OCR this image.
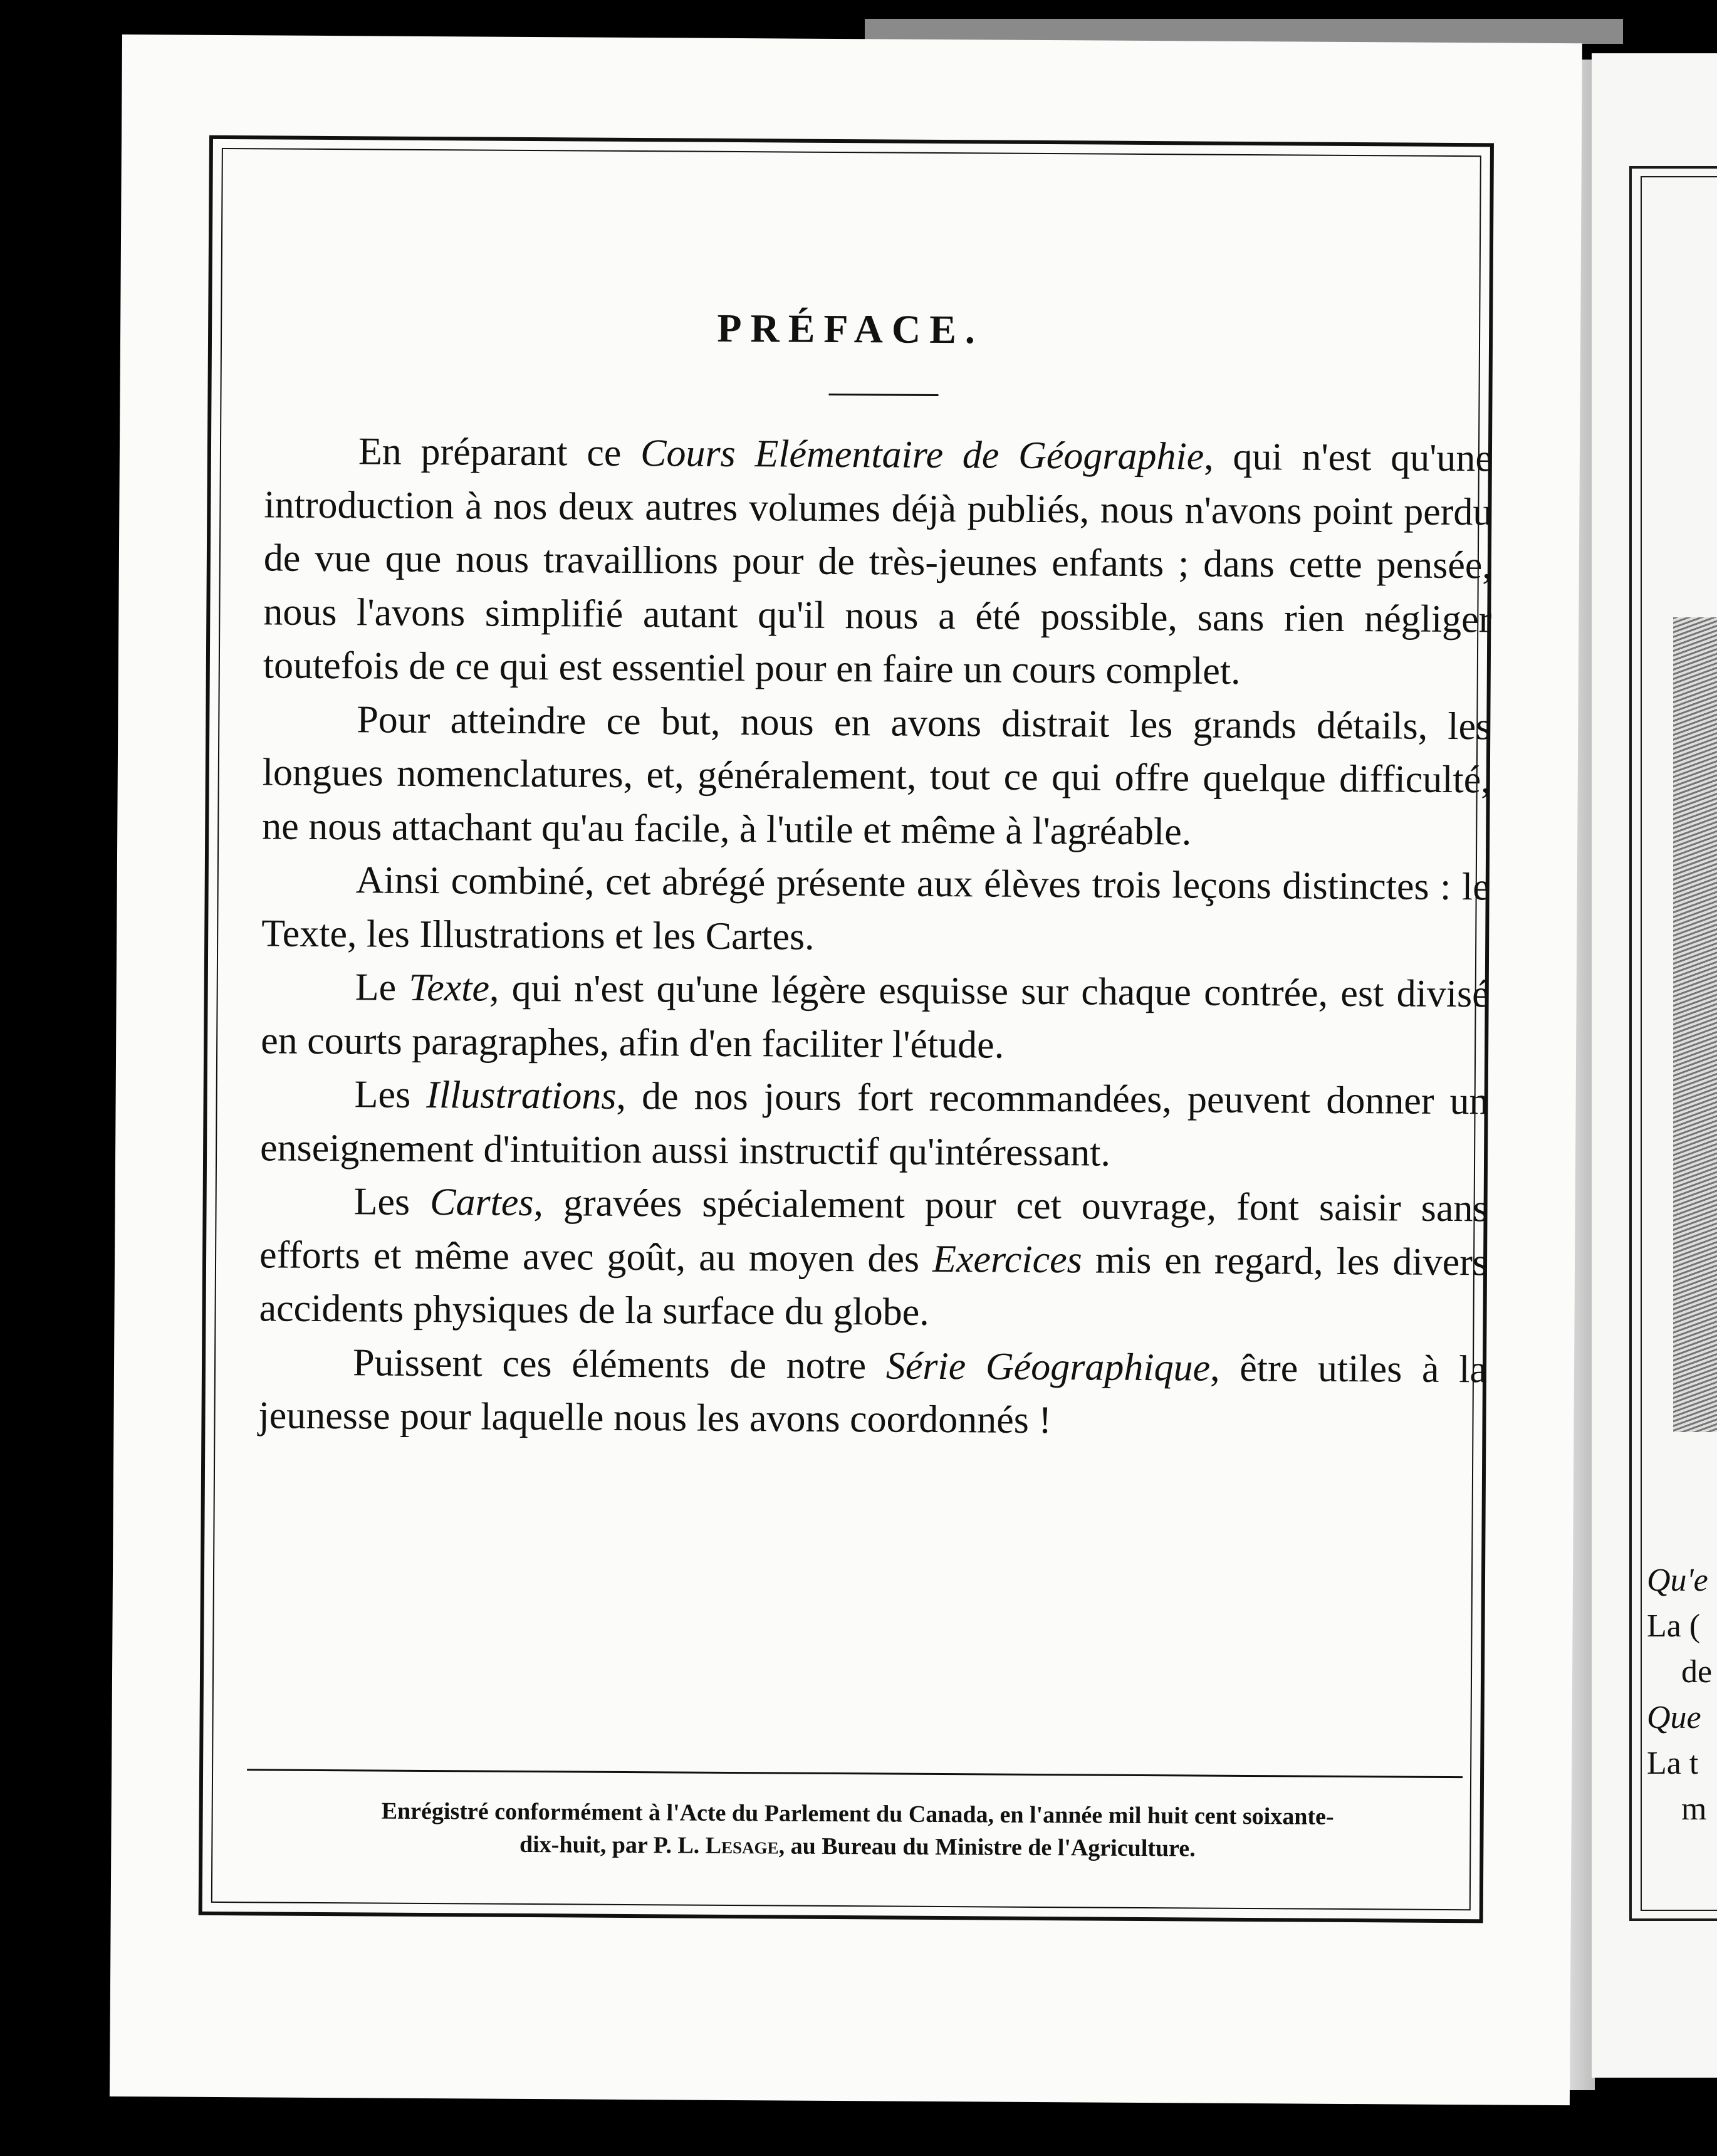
Qu'e
La (
de
Que
La t
m
PRÉFACE.

En préparant ce Cours Elémentaire de Géographie, qui n'est qu'une introduction à nos deux autres volumes déjà publiés, nous n'avons point perdu de vue que nous travaillions pour de très-jeunes enfants ; dans cette pensée, nous l'avons simplifié autant qu'il nous a été possible, sans rien négliger toutefois de ce qui est essentiel pour en faire un cours complet.

Pour atteindre ce but, nous en avons distrait les grands détails, les longues nomenclatures, et, généralement, tout ce qui offre quelque difficulté, ne nous attachant qu'au facile, à l'utile et même à l'agréable.

Ainsi combiné, cet abrégé présente aux élèves trois leçons distinctes : le Texte, les Illustrations et les Cartes.

Le Texte, qui n'est qu'une légère esquisse sur chaque contrée, est divisé en courts paragraphes, afin d'en faciliter l'étude.

Les Illustrations, de nos jours fort recommandées, peuvent donner un enseignement d'intuition aussi instructif qu'intéressant.

Les Cartes, gravées spécialement pour cet ouvrage, font saisir sans efforts et même avec goût, au moyen des Exercices mis en regard, les divers accidents physiques de la surface du globe.

Puissent ces éléments de notre Série Géographique, être utiles à la jeunesse pour laquelle nous les avons coordonnés !

Enrégistré conformément à l'Acte du Parlement du Canada, en l'année mil huit cent soixante-
dix-huit, par P. L. Lesage, au Bureau du Ministre de l'Agriculture.
